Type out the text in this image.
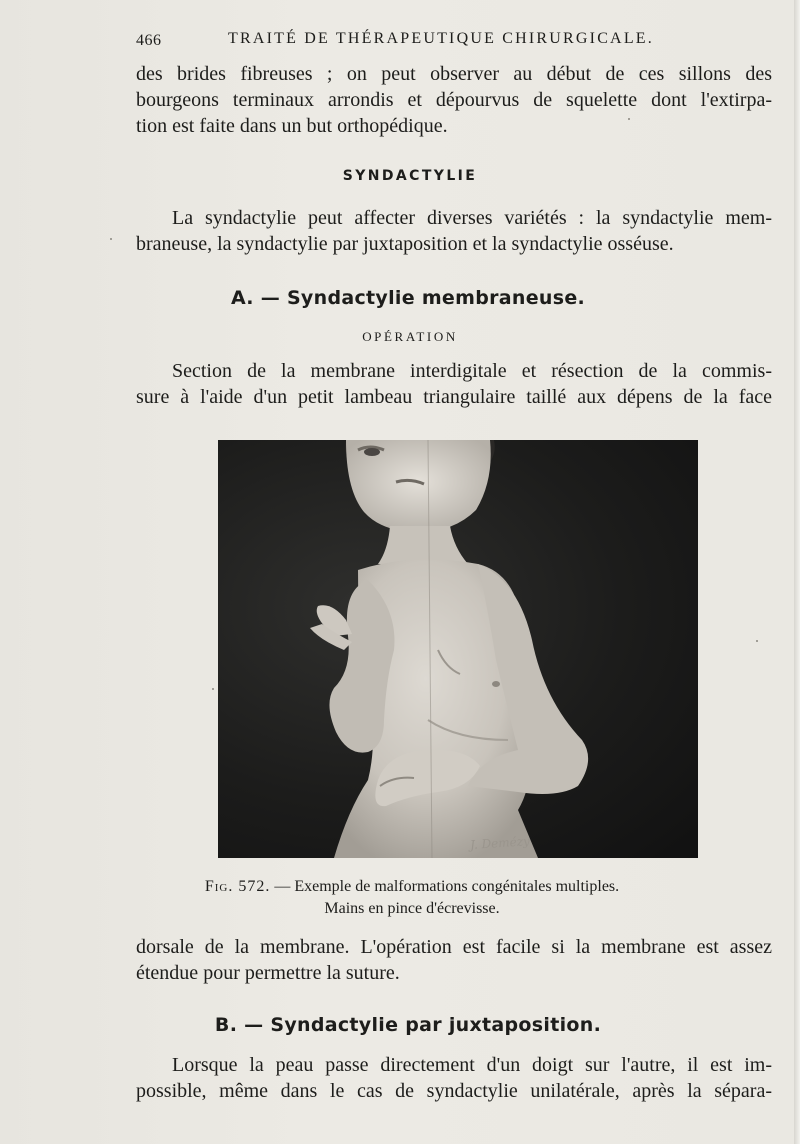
466	TRAITÉ DE THÉRAPEUTIQUE CHIRURGICALE.

des brides fibreuses ; on peut observer au début de ces sillons des
bourgeons terminaux arrondis et dépourvus de squelette dont l'extirpa-
tion est faite dans un but orthopédique.

SYNDACTYLIE

La syndactylie peut affecter diverses variétés : la syndactylie mem-
braneuse, la syndactylie par juxtaposition et la syndactylie osséuse.

A. — Syndactylie membraneuse.
OPÉRATION

Section de la membrane interdigitale et résection de la commis-
sure à l'aide d'un petit lambeau triangulaire taillé aux dépens de la face

J. Demézy
Fig. 572. — Exemple de malformations congénitales multiples.
Mains en pince d'écrevisse.

dorsale de la membrane. L'opération est facile si la membrane est assez
étendue pour permettre la suture.

B. — Syndactylie par juxtaposition.

Lorsque la peau passe directement d'un doigt sur l'autre, il est im-
possible, même dans le cas de syndactylie unilatérale, après la sépara-
